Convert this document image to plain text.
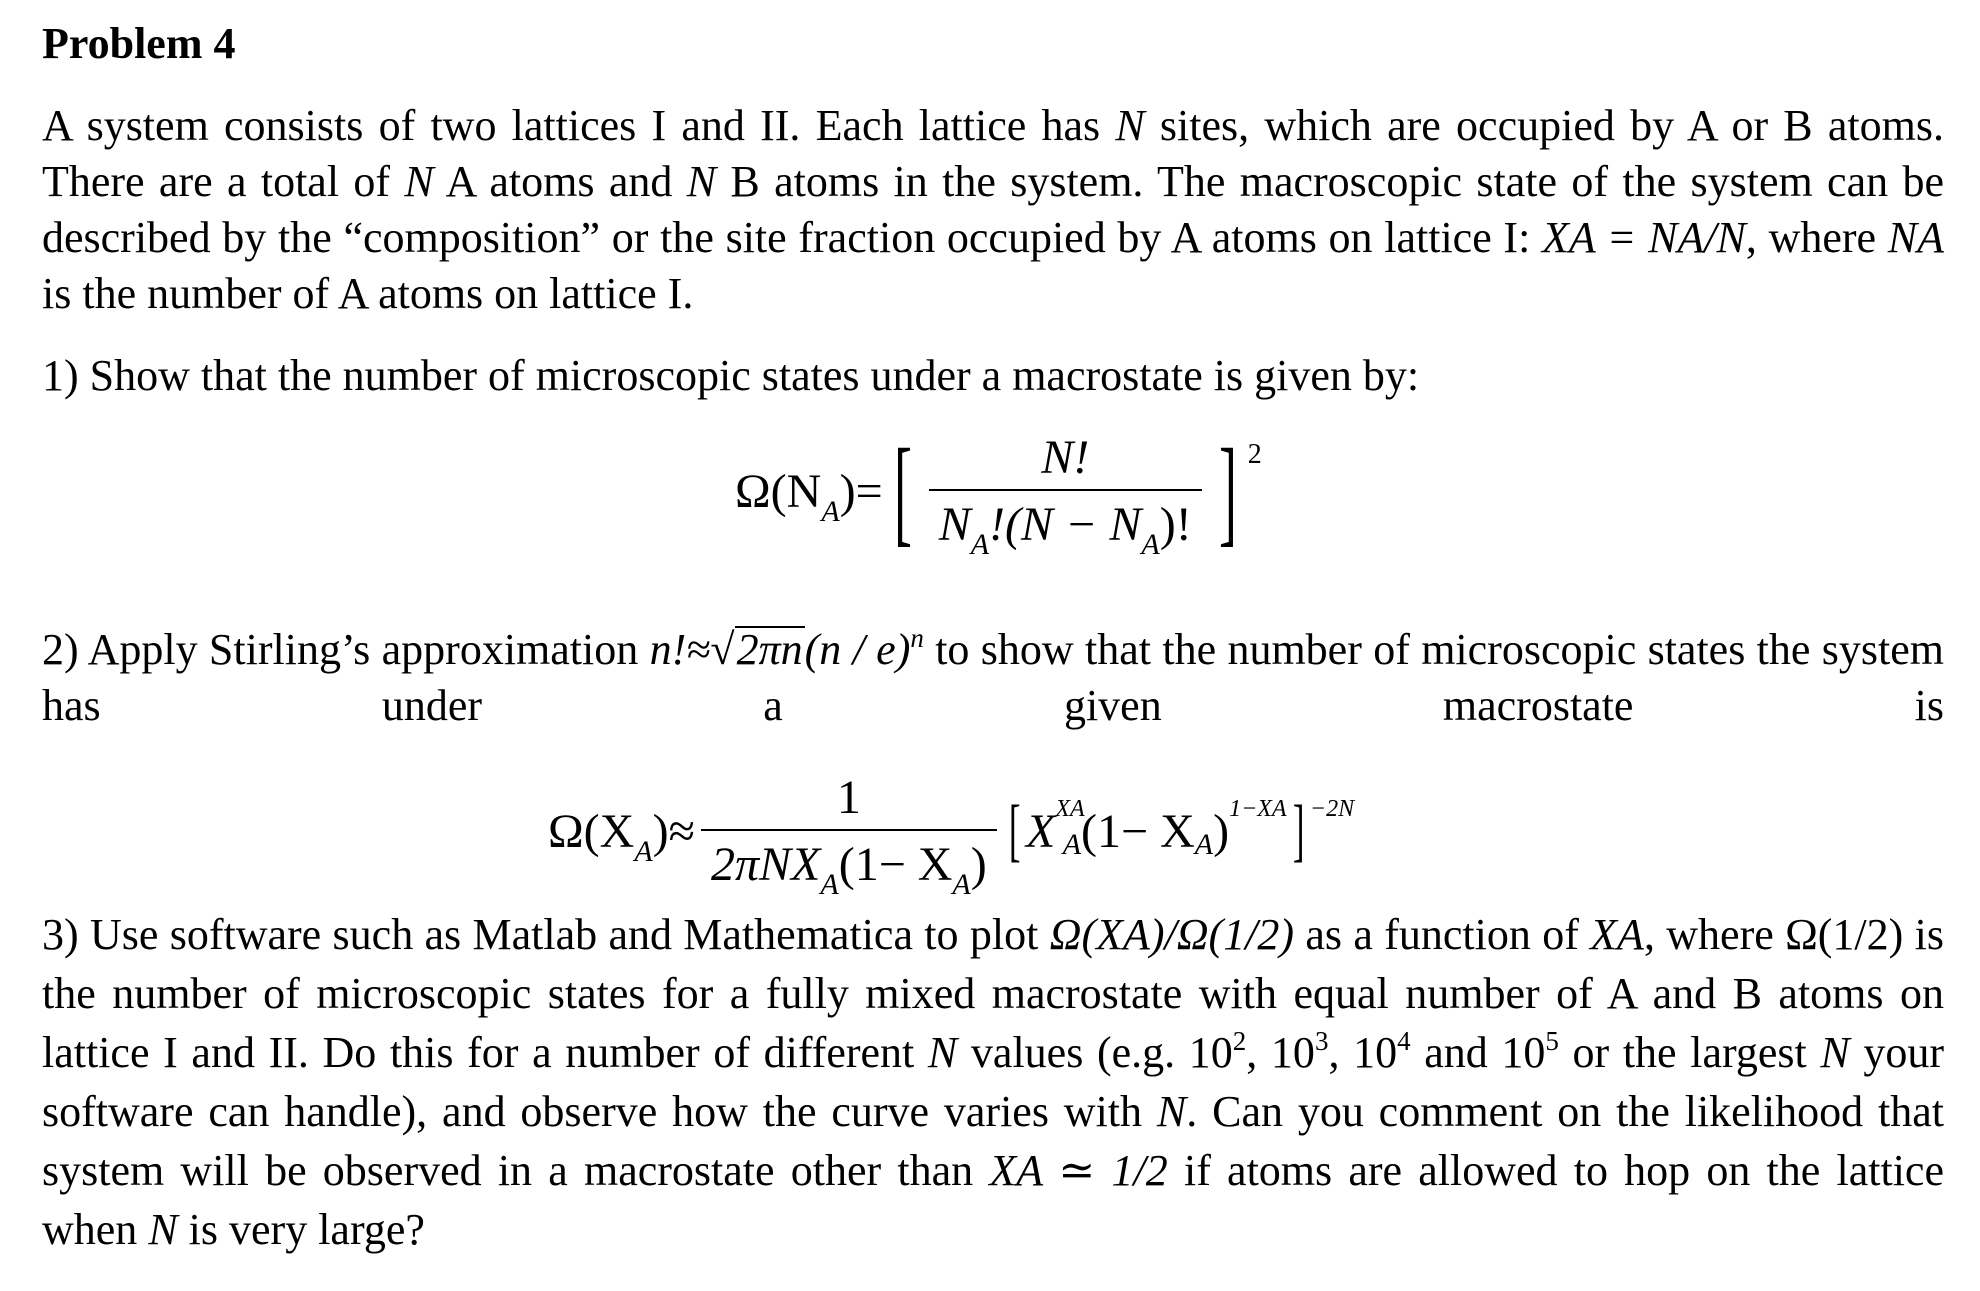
Problem 4

A system consists of two lattices I and II. Each lattice has N sites, which are occupied by A or B atoms. There are a total of N A atoms and N B atoms in the system. The macroscopic state of the system can be described by the “composition” or the site fraction occupied by A atoms on lattice I: XA = NA/N, where NA is the number of A atoms on lattice I.

1) Show that the number of microscopic states under a macrostate is given by:

$\Omega(N_A)=$ [ $\frac{N!}{N_A!(N - N_A)!}$ ] 2

2) Apply Stirling’s approximation n!≈√2πn(n / e)$^n$ to show that the number of microscopic states the system has under a given macrostate is

$\Omega(X_A)\approx \frac{1}{2\pi NX_A(1- X_A)}$ [ X XA
A (1− X A ) 1−XA ] −2N

3) Use software such as Matlab and Mathematica to plot Ω(XA)/Ω(1/2) as a function of XA, where Ω(1/2) is the number of microscopic states for a fully mixed macrostate with equal number of A and B atoms on lattice I and II. Do this for a number of different N values (e.g. $10^2$, $10^3$, $10^4$ and $10^5$ or the largest N your software can handle), and observe how the curve varies with N. Can you comment on the likelihood that system will be observed in a macrostate other than XA ≃ 1/2 if atoms are allowed to hop on the lattice when N is very large?
